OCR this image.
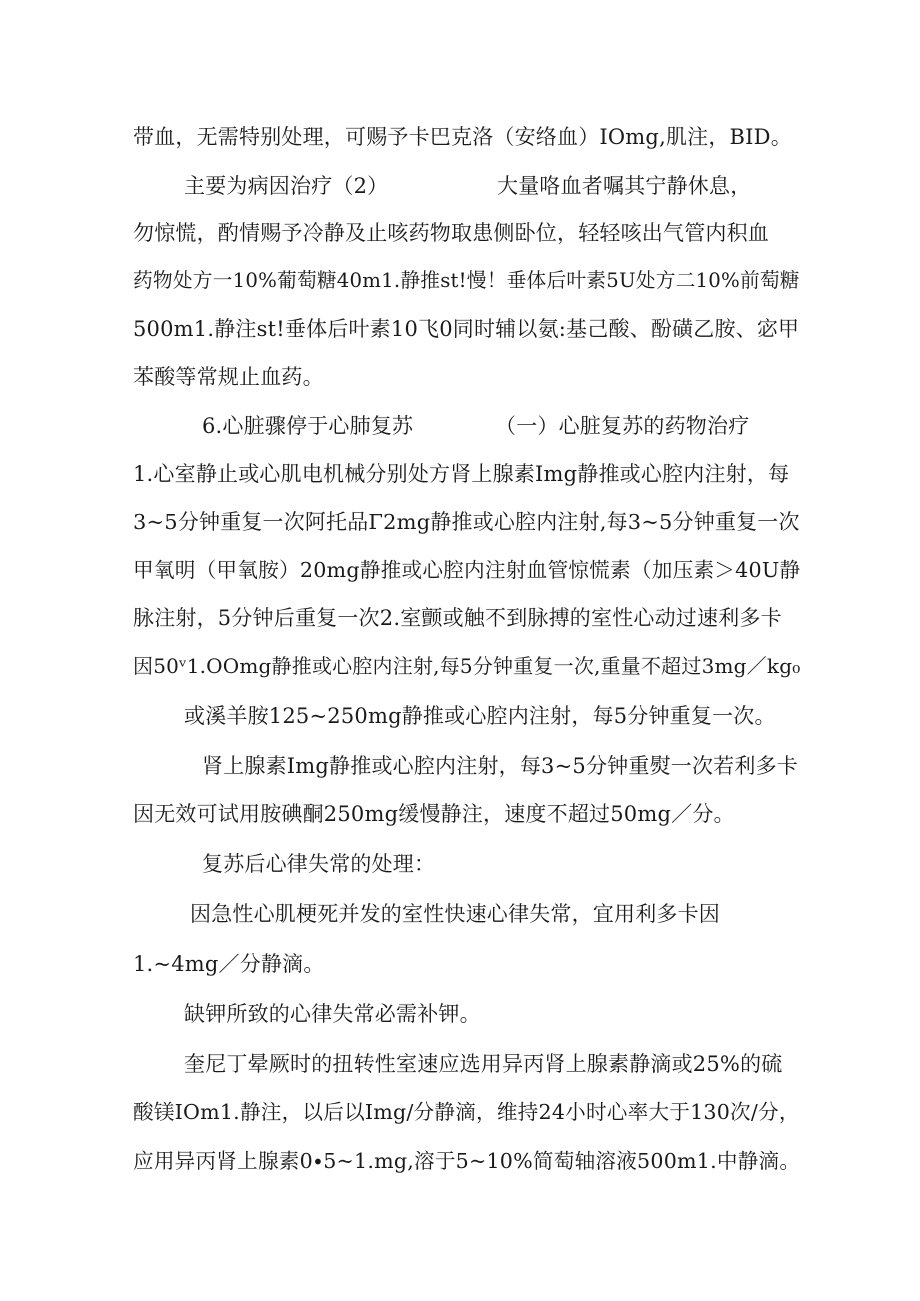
带血，无需特别处理，可赐予卡巴克洛（安络血）IOmg,肌注，BID。
主要为病因治疗（2）	大量咯血者嘱其宁静休息，
勿惊慌，酌情赐予冷静及止咳药物取患侧卧位，轻轻咳出气管内积血
药物处方一10%葡萄糖40m1.静推st!慢！垂体后叶素5U处方二10%前萄糖
500m1.静注st!垂体后叶素10飞0同时辅以氨:基己酸、酚磺乙胺、宓甲
苯酸等常规止血药。
6.心脏骤停于心肺复苏	（一）心脏复苏的药物治疗
1.心室静止或心肌电机械分别处方肾上腺素Img静推或心腔内注射，每
3~5分钟重复一次阿托品Γ2mg静推或心腔内注射,每3~5分钟重复一次
甲氧明（甲氧胺）20mg静推或心腔内注射血管惊慌素（加压素＞40U静
脉注射，5分钟后重复一次2.室颤或触不到脉搏的室性心动过速利多卡
因50ᵛ1.OOmg静推或心腔内注射,每5分钟重复一次,重量不超过3mg／kg₀
或溪羊胺125~250mg静推或心腔内注射，每5分钟重复一次。
肾上腺素Img静推或心腔内注射，每3~5分钟重熨一次若利多卡
因无效可试用胺碘酮250mg缓慢静注，速度不超过50mg／分。
复苏后心律失常的处理：
因急性心肌梗死并发的室性快速心律失常，宜用利多卡因
1.~4mg／分静滴。
缺钾所致的心律失常必需补钾。
奎尼丁晕厥时的扭转性室速应选用异丙肾上腺素静滴或25%的硫
酸镁IOm1.静注，以后以Img/分静滴，维持24小时心率大于130次/分，
应用异丙肾上腺素0∙5~1.mg,溶于5~10%简萄轴溶液500m1.中静滴。
